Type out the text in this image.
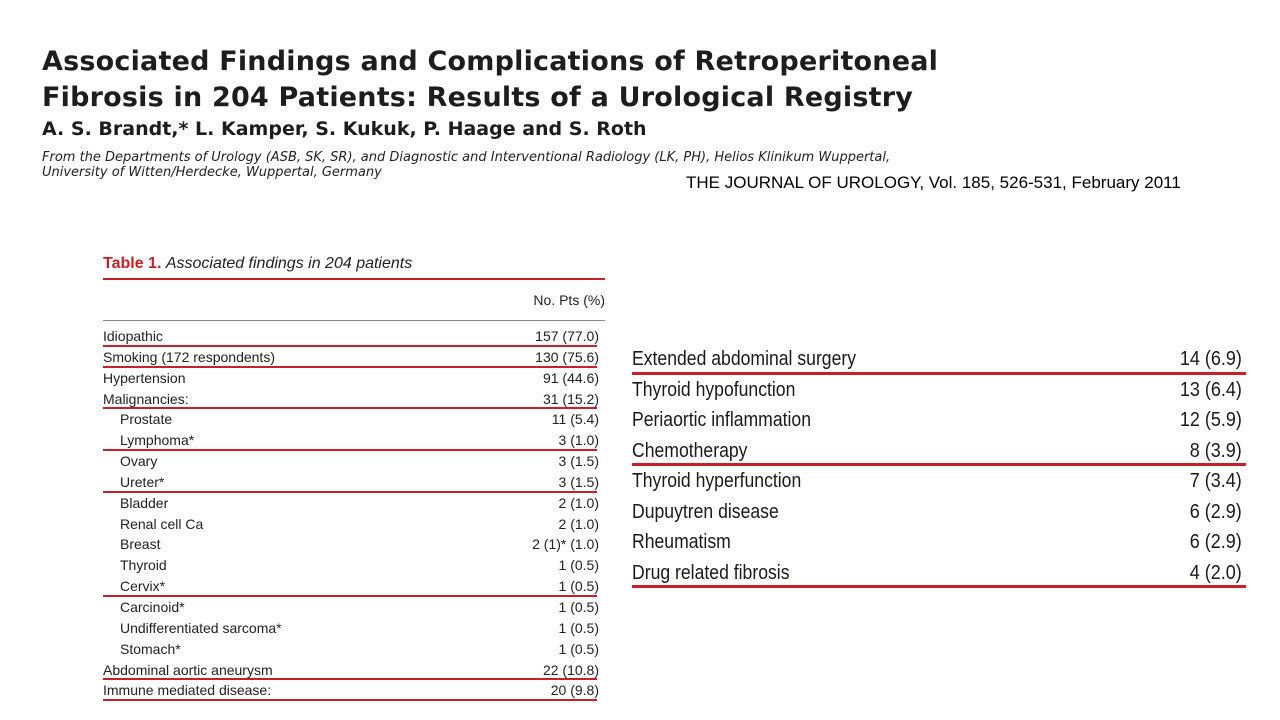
Associated Findings and Complications of Retroperitoneal
Fibrosis in 204 Patients: Results of a Urological Registry
A. S. Brandt,* L. Kamper, S. Kukuk, P. Haage and S. Roth
From the Departments of Urology (ASB, SK, SR), and Diagnostic and Interventional Radiology (LK, PH), Helios Klinikum Wuppertal,
University of Witten/Herdecke, Wuppertal, Germany
THE JOURNAL OF UROLOGY, Vol. 185, 526-531, February 2011
Table 1. Associated findings in 204 patients
No. Pts (%)
Idiopathic	157 (77.0)
Smoking (172 respondents)	130 (75.6)
Hypertension	91 (44.6)
Malignancies:	31 (15.2)
Prostate	11 (5.4)
Lymphoma*	3 (1.0)
Ovary	3 (1.5)
Ureter*	3 (1.5)
Bladder	2 (1.0)
Renal cell Ca	2 (1.0)
Breast	2 (1)* (1.0)
Thyroid	1 (0.5)
Cervix*	1 (0.5)
Carcinoid*	1 (0.5)
Undifferentiated sarcoma*	1 (0.5)
Stomach*	1 (0.5)
Abdominal aortic aneurysm	22 (10.8)
Immune mediated disease:	20 (9.8)
Extended abdominal surgery	14 (6.9)
Thyroid hypofunction	13 (6.4)
Periaortic inflammation	12 (5.9)
Chemotherapy	8 (3.9)
Thyroid hyperfunction	7 (3.4)
Dupuytren disease	6 (2.9)
Rheumatism	6 (2.9)
Drug related fibrosis	4 (2.0)
